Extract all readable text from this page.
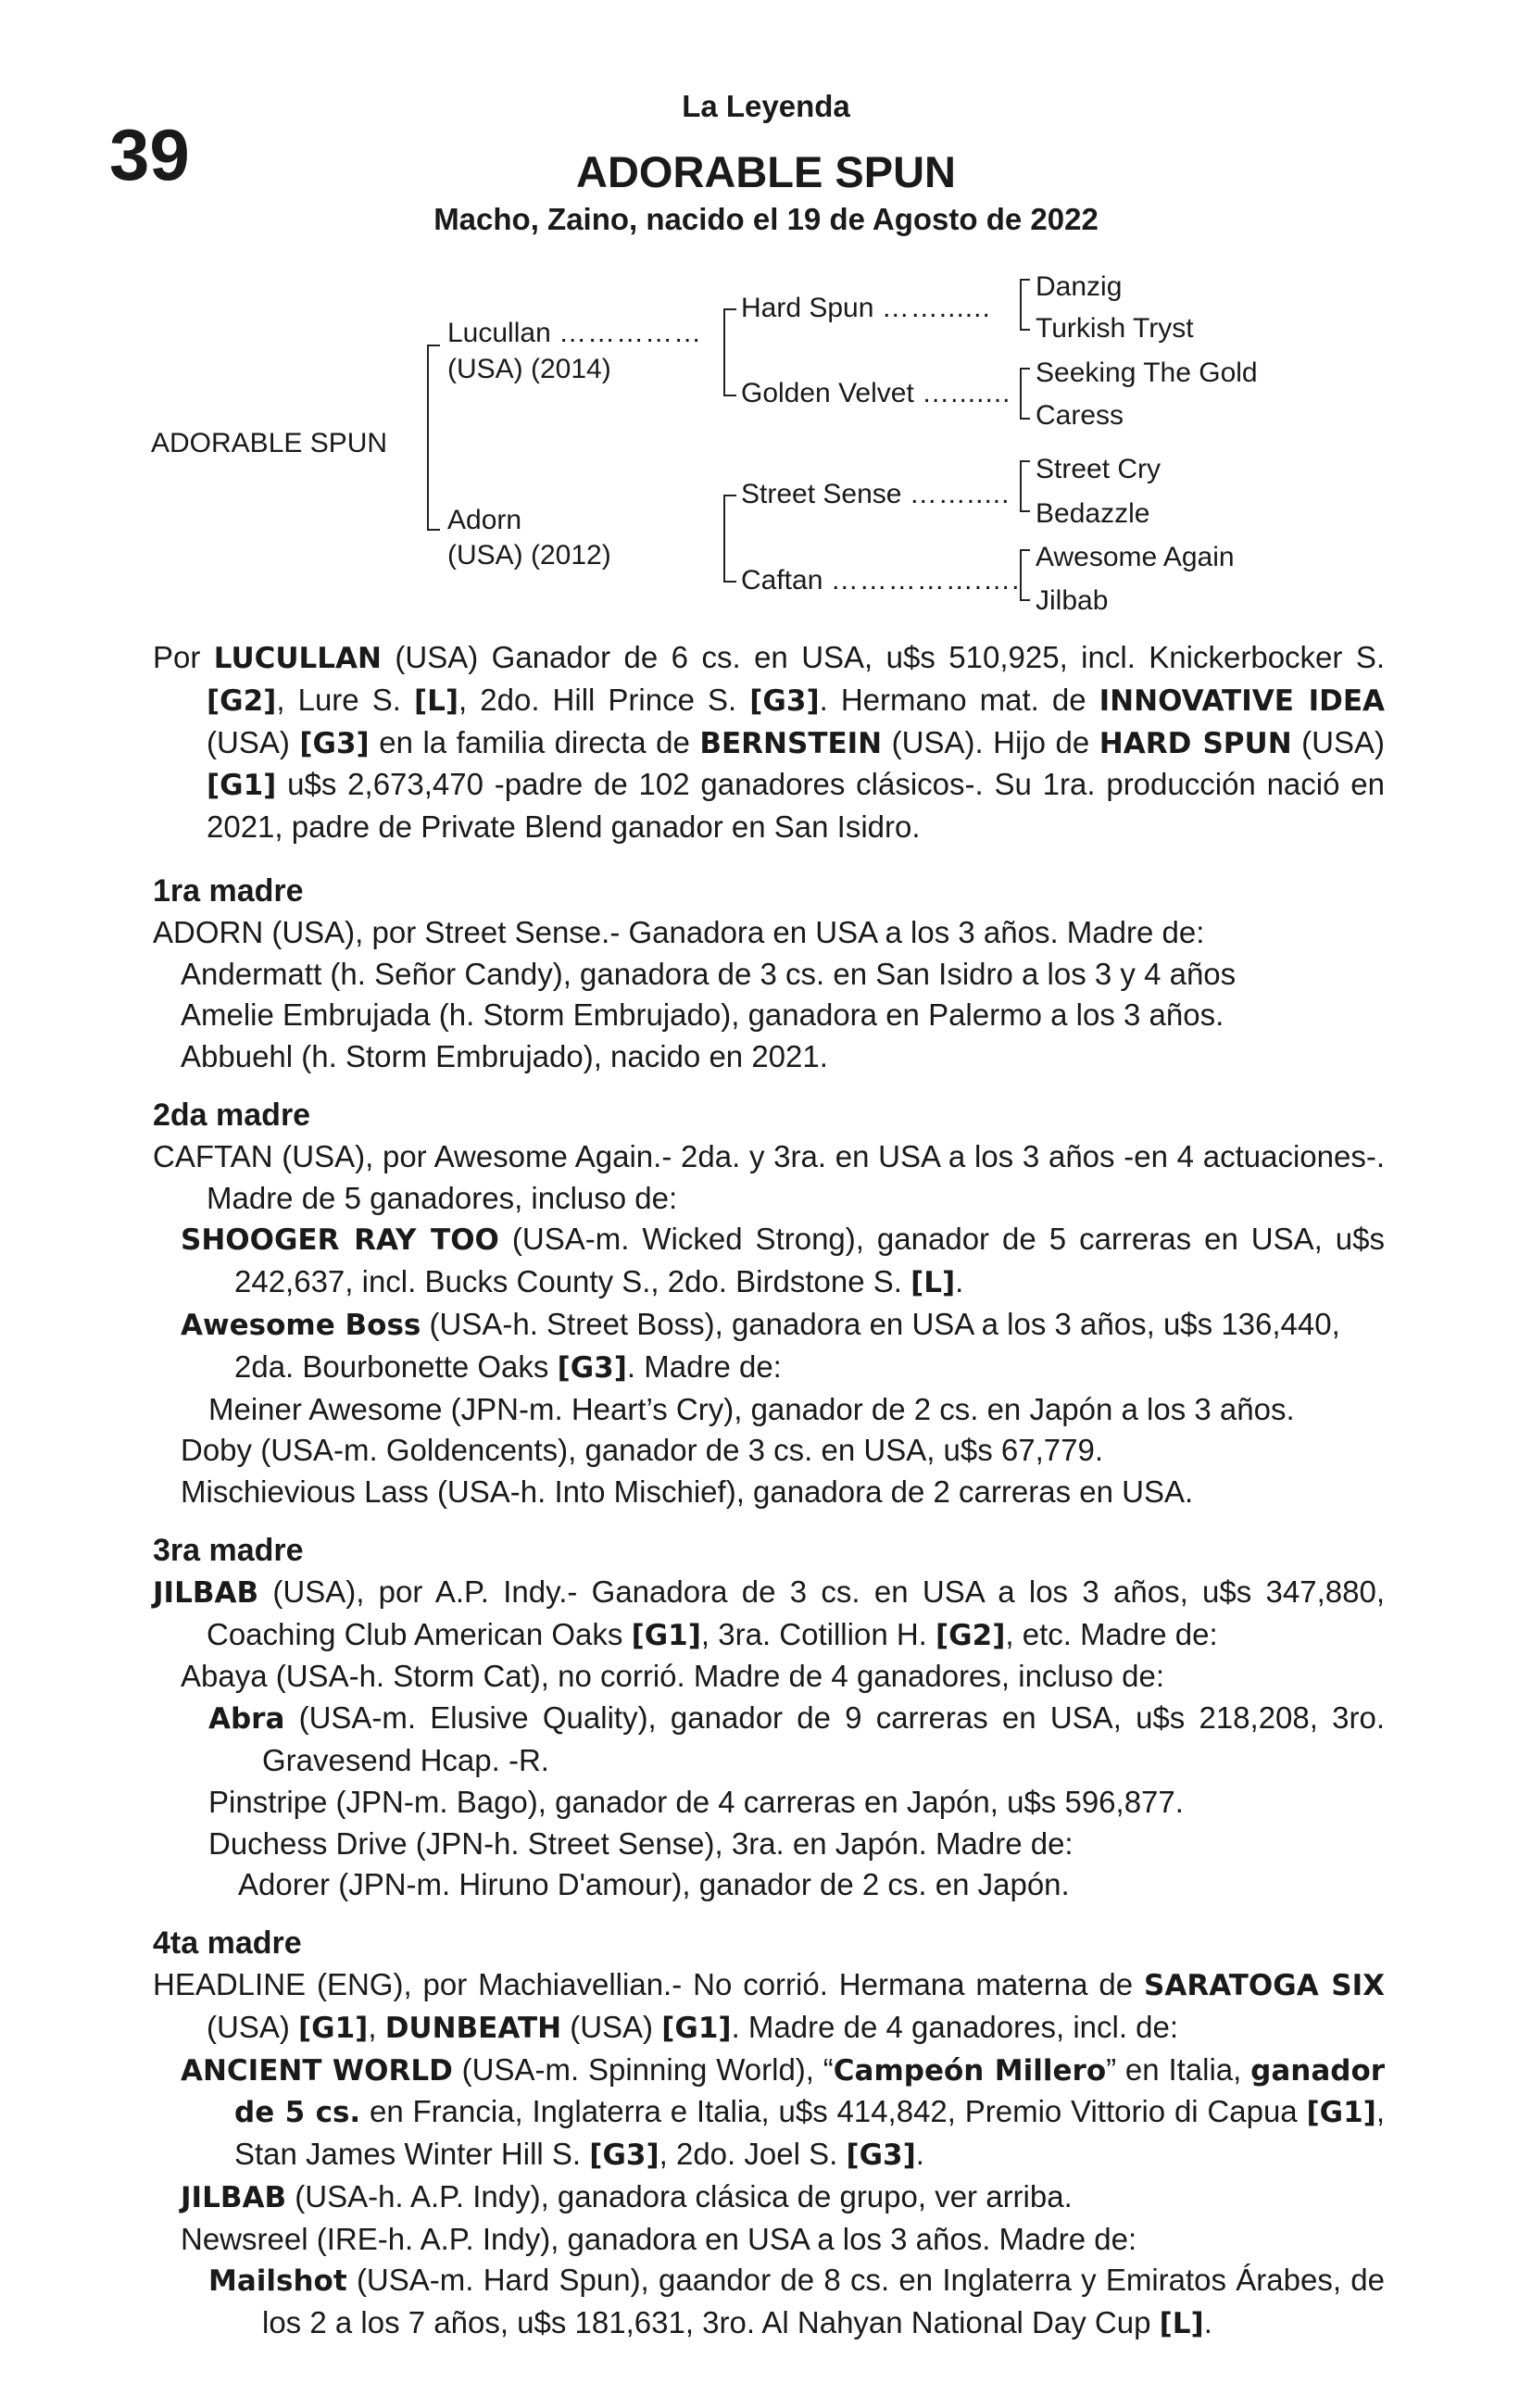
39
La Leyenda
ADORABLE SPUN
Macho, Zaino, nacido el 19 de Agosto de 2022
ADORABLE SPUN
Lucullan ……………
(USA) (2014)
Adorn
(USA) (2012)
Hard Spun ……......
Golden Velvet ….......
Street Sense …….....
Caftan …………….….
Danzig
Turkish Tryst
Seeking The Gold
Caress
Street Cry
Bedazzle
Awesome Again
Jilbab
Por LUCULLAN (USA) Ganador de 6 cs. en USA, u$s 510,925, incl. Knickerbocker S. [G2], Lure S. [L], 2do. Hill Prince S. [G3]. Hermano mat. de INNOVATIVE IDEA (USA) [G3] en la familia directa de BERNSTEIN (USA). Hijo de HARD SPUN (USA) [G1] u$s 2,673,470 -padre de 102 ganadores clásicos-. Su 1ra. producción nació en 2021, padre de Private Blend ganador en San Isidro.
1ra madre
ADORN (USA), por Street Sense.- Ganadora en USA a los 3 años. Madre de:
Andermatt (h. Señor Candy), ganadora de 3 cs. en San Isidro a los 3 y 4 años
Amelie Embrujada (h. Storm Embrujado), ganadora en Palermo a los 3 años.
Abbuehl (h. Storm Embrujado), nacido en 2021.
2da madre
CAFTAN (USA), por Awesome Again.- 2da. y 3ra. en USA a los 3 años -en 4 actuaciones-. Madre de 5 ganadores, incluso de:
SHOOGER RAY TOO (USA-m. Wicked Strong), ganador de 5 carreras en USA, u$s 242,637, incl. Bucks County S., 2do. Birdstone S. [L].
Awesome Boss (USA-h. Street Boss), ganadora en USA a los 3 años, u$s 136,440, 2da. Bourbonette Oaks [G3]. Madre de:
Meiner Awesome (JPN-m. Heart’s Cry), ganador de 2 cs. en Japón a los 3 años.
Doby (USA-m. Goldencents), ganador de 3 cs. en USA, u$s 67,779.
Mischievious Lass (USA-h. Into Mischief), ganadora de 2 carreras en USA.
3ra madre
JILBAB (USA), por A.P. Indy.- Ganadora de 3 cs. en USA a los 3 años, u$s 347,880, Coaching Club American Oaks [G1], 3ra. Cotillion H. [G2], etc. Madre de:
Abaya (USA-h. Storm Cat), no corrió. Madre de 4 ganadores, incluso de:
Abra (USA-m. Elusive Quality), ganador de 9 carreras en USA, u$s 218,208, 3ro. Gravesend Hcap. -R.
Pinstripe (JPN-m. Bago), ganador de 4 carreras en Japón, u$s 596,877.
Duchess Drive (JPN-h. Street Sense), 3ra. en Japón. Madre de:
Adorer (JPN-m. Hiruno D'amour), ganador de 2 cs. en Japón.
4ta madre
HEADLINE (ENG), por Machiavellian.- No corrió. Hermana materna de SARATOGA SIX (USA) [G1], DUNBEATH (USA) [G1]. Madre de 4 ganadores, incl. de:
ANCIENT WORLD (USA-m. Spinning World), “Campeón Millero” en Italia, ganador de 5 cs. en Francia, Inglaterra e Italia, u$s 414,842, Premio Vittorio di Capua [G1], Stan James Winter Hill S. [G3], 2do. Joel S. [G3].
JILBAB (USA-h. A.P. Indy), ganadora clásica de grupo, ver arriba.
Newsreel (IRE-h. A.P. Indy), ganadora en USA a los 3 años. Madre de:
Mailshot (USA-m. Hard Spun), gaandor de 8 cs. en Inglaterra y Emiratos Árabes, de los 2 a los 7 años, u$s 181,631, 3ro. Al Nahyan National Day Cup [L].
